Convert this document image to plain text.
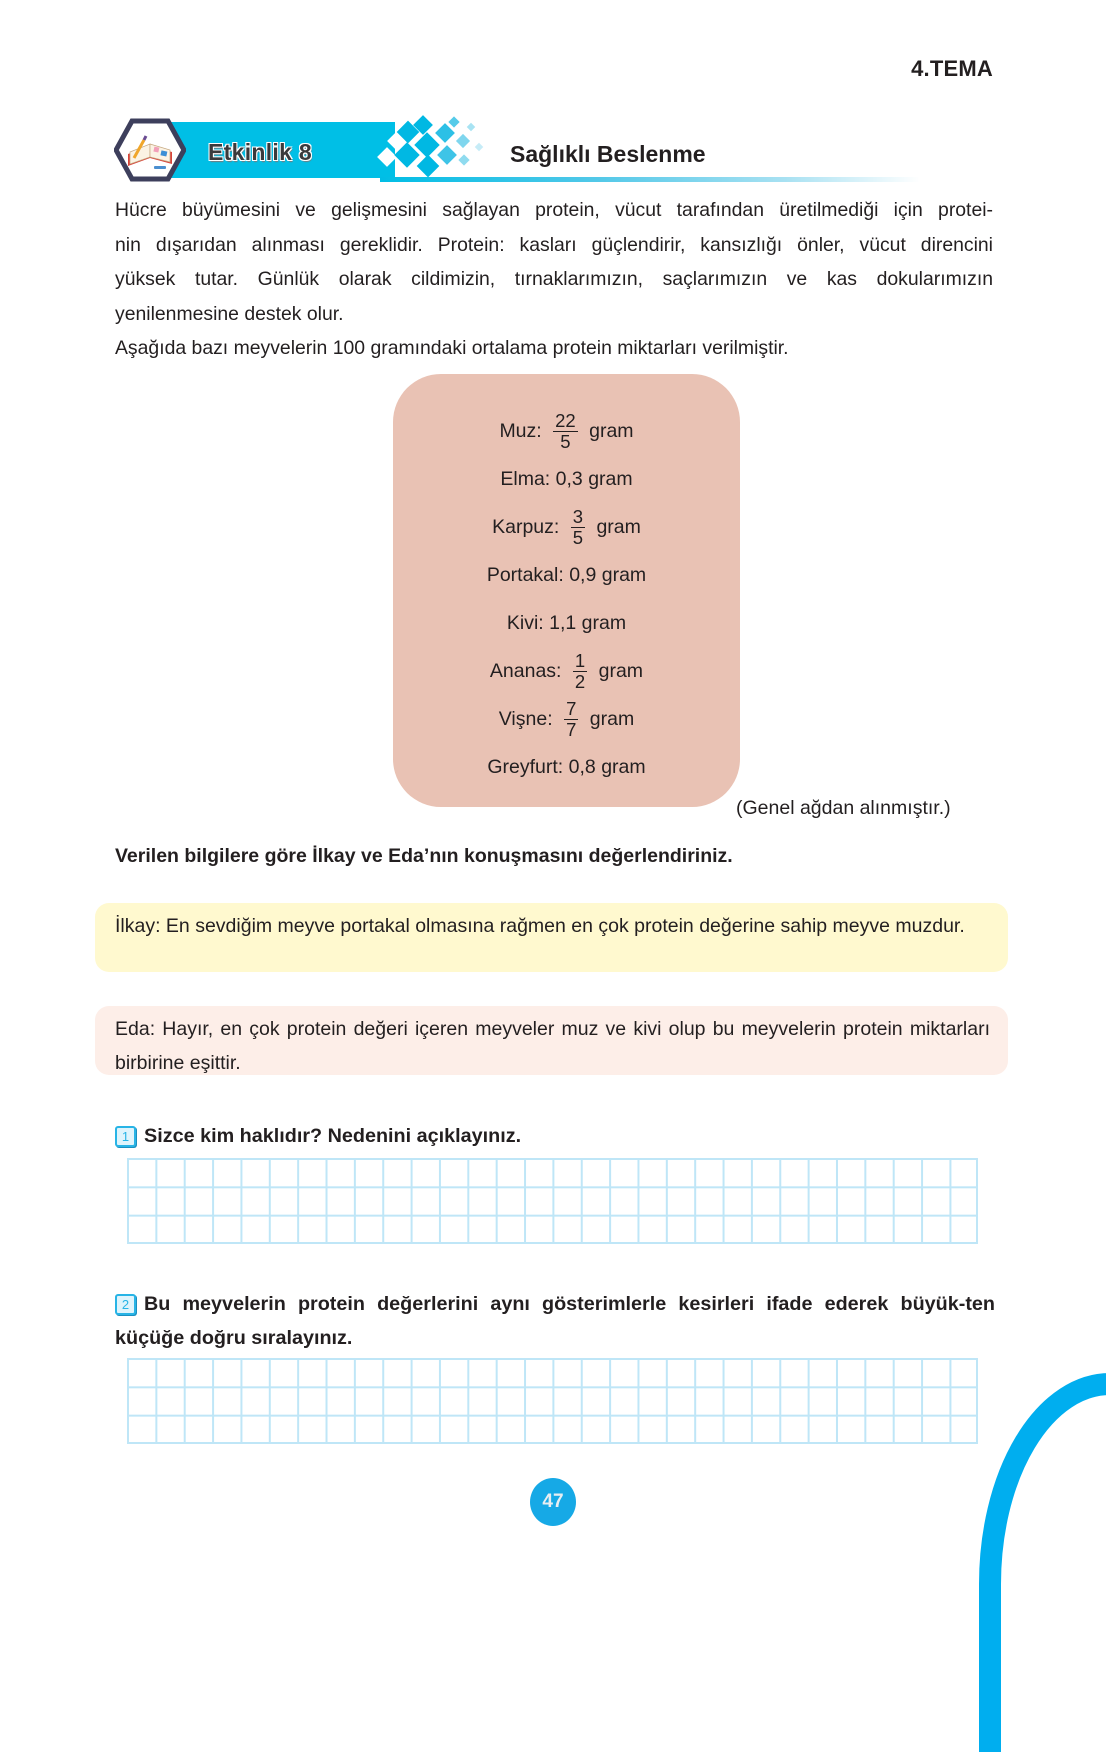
4.TEMA
Etkinlik 8	Sağlıklı Beslenme

Hücre büyümesini ve gelişmesini sağlayan protein, vücut tarafından üretilmediği için protei-

nin dışarıdan alınması gereklidir. Protein: kasları güçlendirir, kansızlığı önler, vücut direncini

yüksek tutar. Günlük olarak cildimizin, tırnaklarımızın, saçlarımızın ve kas dokularımızın

yenilenmesine destek olur.

Aşağıda bazı meyvelerin 100 gramındaki ortalama protein miktarları verilmiştir.

Muz: $\frac{22}{5}$ gram
Elma: 0,3 gram
Karpuz: $\frac{3}{5}$ gram
Portakal: 0,9 gram
Kivi: 1,1 gram
Ananas: $\frac{1}{2}$ gram
Vişne: $\frac{7}{7}$ gram
Greyfurt: 0,8 gram
(Genel ağdan alınmıştır.)
Verilen bilgilere göre İlkay ve Eda’nın konuşmasını değerlendiriniz.
İlkay: En sevdiğim meyve portakal olmasına rağmen en çok protein değerine sahip meyve muzdur.
Eda: Hayır, en çok protein değeri içeren meyveler muz ve kivi olup bu meyvelerin protein miktarları birbirine eşittir.
1 Sizce kim haklıdır? Nedenini açıklayınız.
2 Bu meyvelerin protein değerlerini aynı gösterimlerle kesirleri ifade ederek büyük-ten küçüğe doğru sıralayınız.
47
